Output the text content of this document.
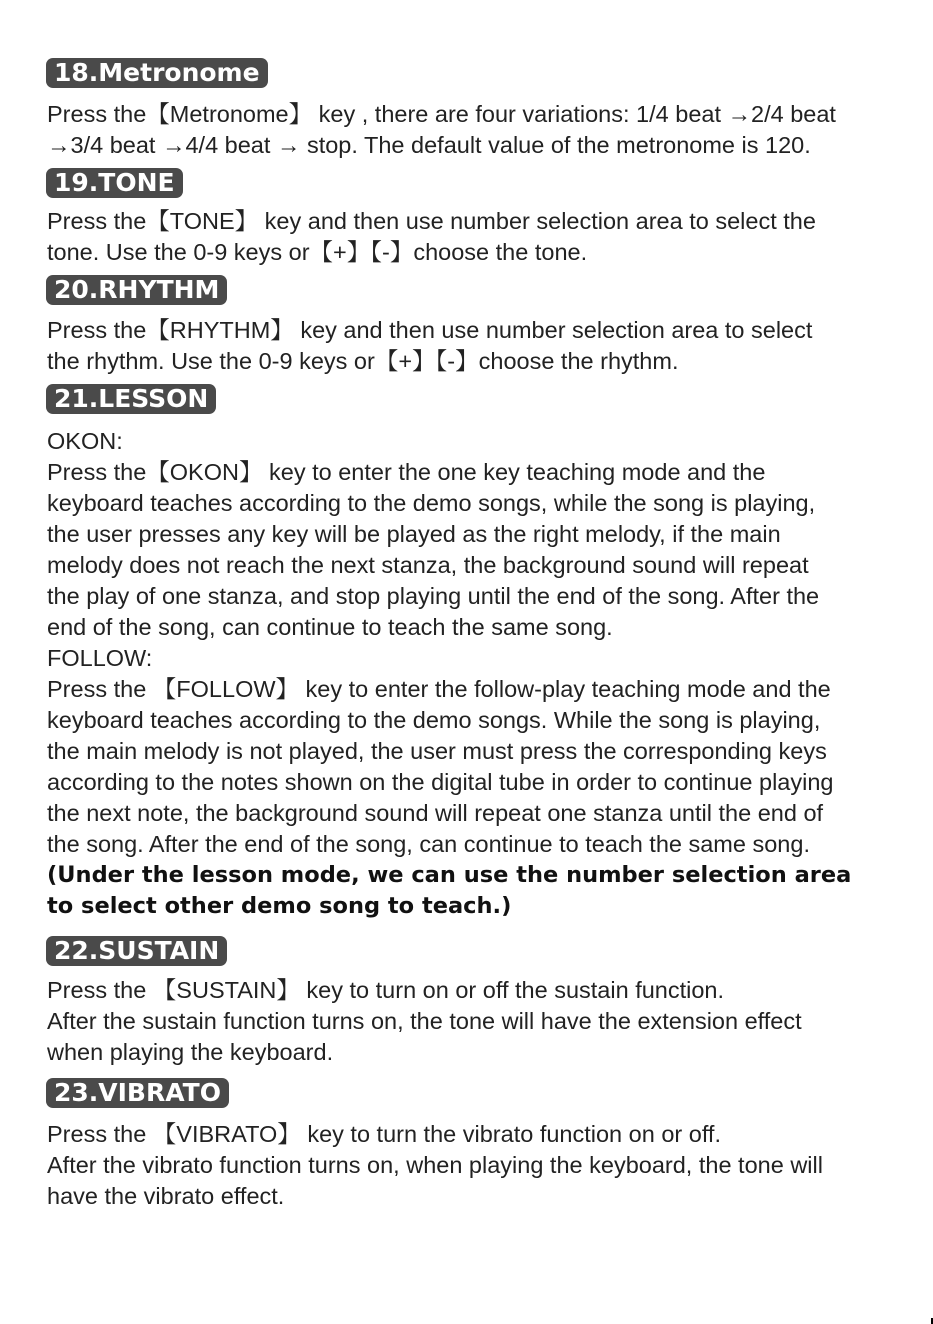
18.Metronome
Press the【Metronome】 key , there are four variations: 1/4 beat →2/4 beat
→3/4 beat →4/4 beat → stop. The default value of the metronome is 120.
19.TONE
Press the【TONE】 key and then use number selection area to select the
tone. Use the 0-9 keys or【+】【-】choose the tone.
20.RHYTHM
Press the【RHYTHM】 key and then use number selection area to select
the rhythm. Use the 0-9 keys or【+】【-】choose the rhythm.
21.LESSON
OKON:
Press the【OKON】 key to enter the one key teaching mode and the
keyboard teaches according to the demo songs, while the song is playing,
the user presses any key will be played as the right melody, if the main
melody does not reach the next stanza, the background sound will repeat
the play of one stanza, and stop playing until the end of the song. After the
end of the song, can continue to teach the same song.
FOLLOW:
Press the 【FOLLOW】 key to enter the follow-play teaching mode and the
keyboard teaches according to the demo songs. While the song is playing,
the main melody is not played, the user must press the corresponding keys
according to the notes shown on the digital tube in order to continue playing
the next note, the background sound will repeat one stanza until the end of
the song. After the end of the song, can continue to teach the same song.
(Under the lesson mode, we can use the number selection area
to select other demo song to teach.)
22.SUSTAIN
Press the 【SUSTAIN】 key to turn on or off the sustain function.
After the sustain function turns on, the tone will have the extension effect
when playing the keyboard.
23.VIBRATO
Press the 【VIBRATO】 key to turn the vibrato function on or off.
After the vibrato function turns on, when playing the keyboard, the tone will
have the vibrato effect.
